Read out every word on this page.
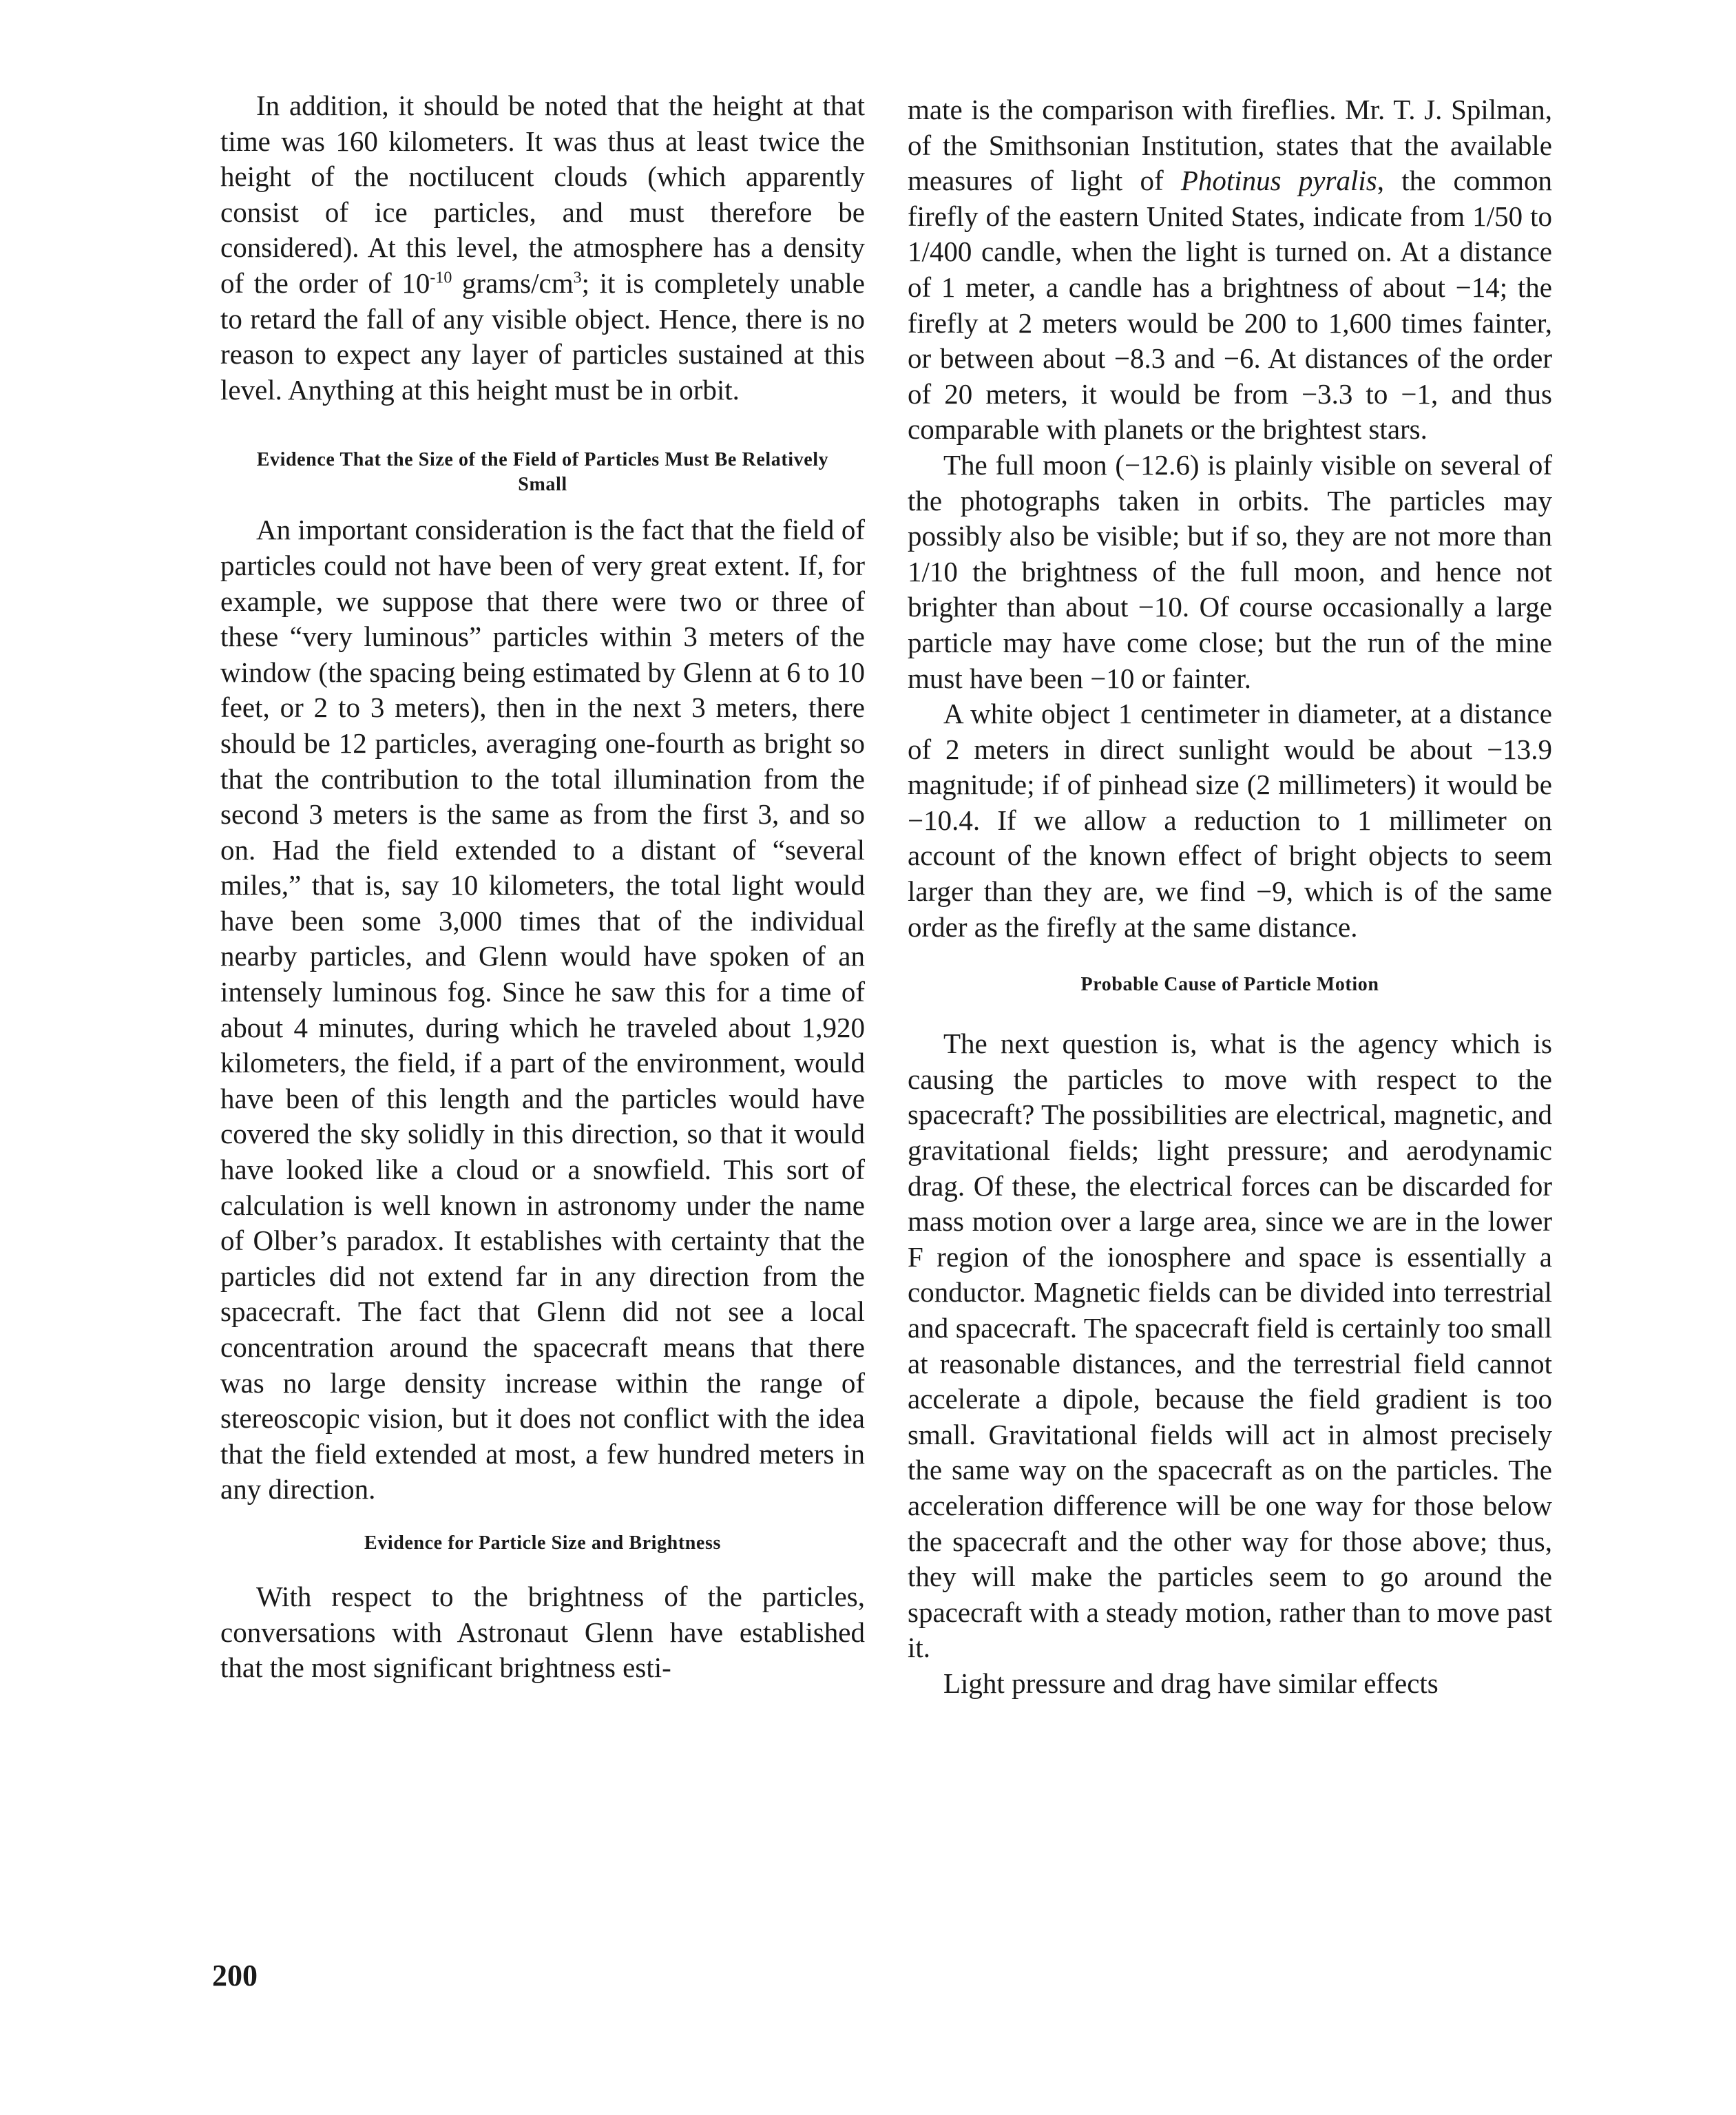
In addition, it should be noted that the height at that time was 160 kilometers. It was thus at least twice the height of the noctilucent clouds (which apparently consist of ice particles, and must therefore be considered). At this level, the atmosphere has a density of the order of $10^{-10}$ grams/$cm^3$; it is completely unable to retard the fall of any visible object. Hence, there is no reason to expect any layer of particles sustained at this level. Anything at this height must be in orbit.

Evidence That the Size of the Field of Particles Must Be Relatively Small

An important consideration is the fact that the field of particles could not have been of very great extent. If, for example, we suppose that there were two or three of these “very luminous” particles within 3 meters of the window (the spacing being estimated by Glenn at 6 to 10 feet, or 2 to 3 meters), then in the next 3 meters, there should be 12 particles, averaging one-fourth as bright so that the contribution to the total illumination from the second 3 meters is the same as from the first 3, and so on. Had the field extended to a distant of “several miles,” that is, say 10 kilometers, the total light would have been some 3,000 times that of the individual nearby particles, and Glenn would have spoken of an intensely luminous fog. Since he saw this for a time of about 4 minutes, during which he traveled about 1,920 kilometers, the field, if a part of the environment, would have been of this length and the particles would have covered the sky solidly in this direction, so that it would have looked like a cloud or a snowfield. This sort of calculation is well known in astronomy under the name of Olber’s paradox. It establishes with certainty that the particles did not extend far in any direction from the spacecraft. The fact that Glenn did not see a local concentration around the spacecraft means that there was no large density increase within the range of stereoscopic vision, but it does not conflict with the idea that the field extended at most, a few hundred meters in any direction.

Evidence for Particle Size and Brightness

With respect to the brightness of the particles, conversations with Astronaut Glenn have established that the most significant brightness esti-

mate is the comparison with fireflies. Mr. T. J. Spilman, of the Smithsonian Institution, states that the available measures of light of Photinus pyralis, the common firefly of the eastern United States, indicate from 1/50 to 1/400 candle, when the light is turned on. At a distance of 1 meter, a candle has a brightness of about −14; the firefly at 2 meters would be 200 to 1,600 times fainter, or between about −8.3 and −6. At distances of the order of 20 meters, it would be from −3.3 to −1, and thus comparable with planets or the brightest stars.

The full moon (−12.6) is plainly visible on several of the photographs taken in orbits. The particles may possibly also be visible; but if so, they are not more than 1/10 the brightness of the full moon, and hence not brighter than about −10. Of course occasionally a large particle may have come close; but the run of the mine must have been −10 or fainter.

A white object 1 centimeter in diameter, at a distance of 2 meters in direct sunlight would be about −13.9 magnitude; if of pinhead size (2 millimeters) it would be −10.4. If we allow a reduction to 1 millimeter on account of the known effect of bright objects to seem larger than they are, we find −9, which is of the same order as the firefly at the same distance.

Probable Cause of Particle Motion

The next question is, what is the agency which is causing the particles to move with respect to the spacecraft? The possibilities are electrical, magnetic, and gravitational fields; light pressure; and aerodynamic drag. Of these, the electrical forces can be discarded for mass motion over a large area, since we are in the lower F region of the ionosphere and space is essentially a conductor. Magnetic fields can be divided into terrestrial and spacecraft. The spacecraft field is certainly too small at reasonable distances, and the terrestrial field cannot accelerate a dipole, because the field gradient is too small. Gravitational fields will act in almost precisely the same way on the spacecraft as on the particles. The acceleration difference will be one way for those below the spacecraft and the other way for those above; thus, they will make the particles seem to go around the spacecraft with a steady motion, rather than to move past it.

Light pressure and drag have similar effects

200
